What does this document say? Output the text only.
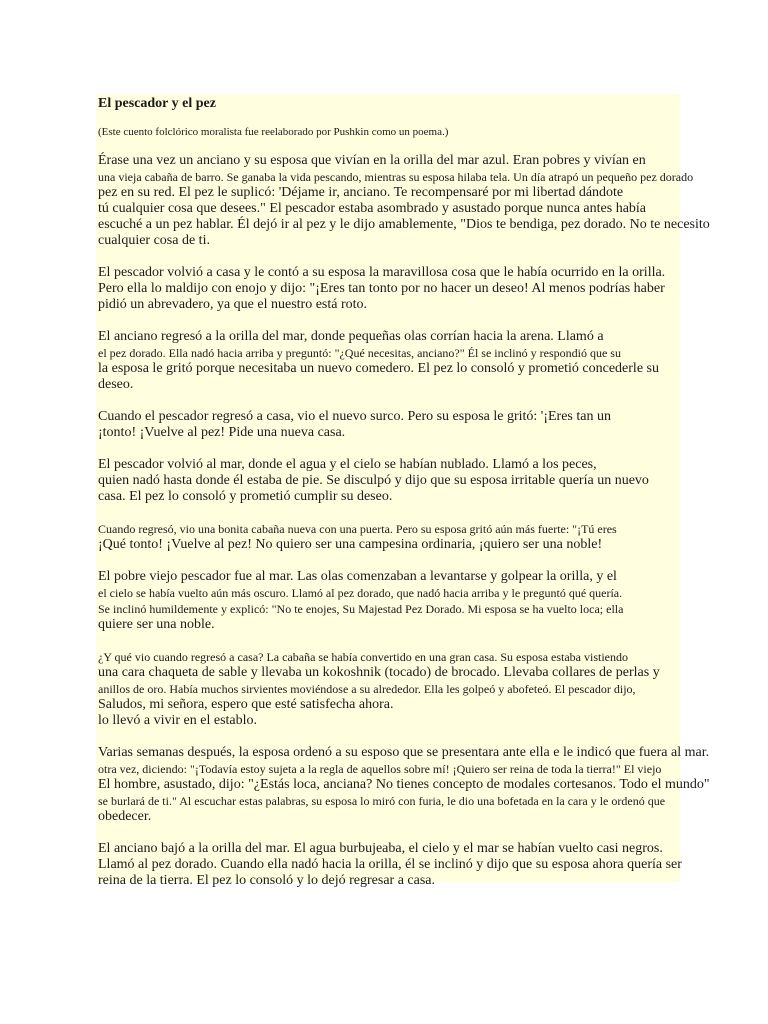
El pescador y el pez
(Este cuento folclórico moralista fue reelaborado por Pushkin como un poema.)
Érase una vez un anciano y su esposa que vivían en la orilla del mar azul. Eran pobres y vivían en
una vieja cabaña de barro. Se ganaba la vida pescando, mientras su esposa hilaba tela. Un día atrapó un pequeño pez dorado
pez en su red. El pez le suplicó: 'Déjame ir, anciano. Te recompensaré por mi libertad dándote
tú cualquier cosa que desees." El pescador estaba asombrado y asustado porque nunca antes había
escuché a un pez hablar. Él dejó ir al pez y le dijo amablemente, "Dios te bendiga, pez dorado. No te necesito
cualquier cosa de ti.
El pescador volvió a casa y le contó a su esposa la maravillosa cosa que le había ocurrido en la orilla.
Pero ella lo maldijo con enojo y dijo: "¡Eres tan tonto por no hacer un deseo! Al menos podrías haber
pidió un abrevadero, ya que el nuestro está roto.
El anciano regresó a la orilla del mar, donde pequeñas olas corrían hacia la arena. Llamó a
el pez dorado. Ella nadó hacia arriba y preguntó: "¿Qué necesitas, anciano?" Él se inclinó y respondió que su
la esposa le gritó porque necesitaba un nuevo comedero. El pez lo consoló y prometió concederle su
deseo.
Cuando el pescador regresó a casa, vio el nuevo surco. Pero su esposa le gritó: '¡Eres tan un
¡tonto! ¡Vuelve al pez! Pide una nueva casa.
El pescador volvió al mar, donde el agua y el cielo se habían nublado. Llamó a los peces,
quien nadó hasta donde él estaba de pie. Se disculpó y dijo que su esposa irritable quería un nuevo
casa. El pez lo consoló y prometió cumplir su deseo.
Cuando regresó, vio una bonita cabaña nueva con una puerta. Pero su esposa gritó aún más fuerte: "¡Tú eres
¡Qué tonto! ¡Vuelve al pez! No quiero ser una campesina ordinaria, ¡quiero ser una noble!
El pobre viejo pescador fue al mar. Las olas comenzaban a levantarse y golpear la orilla, y el
el cielo se había vuelto aún más oscuro. Llamó al pez dorado, que nadó hacia arriba y le preguntó qué quería.
Se inclinó humildemente y explicó: "No te enojes, Su Majestad Pez Dorado. Mi esposa se ha vuelto loca; ella
quiere ser una noble.
¿Y qué vio cuando regresó a casa? La cabaña se había convertido en una gran casa. Su esposa estaba vistiendo
una cara chaqueta de sable y llevaba un kokoshnik (tocado) de brocado. Llevaba collares de perlas y
anillos de oro. Había muchos sirvientes moviéndose a su alrededor. Ella les golpeó y abofeteó. El pescador dijo,
Saludos, mi señora, espero que esté satisfecha ahora.
lo llevó a vivir en el establo.
Varias semanas después, la esposa ordenó a su esposo que se presentara ante ella e le indicó que fuera al mar.
otra vez, diciendo: "¡Todavía estoy sujeta a la regla de aquellos sobre mí! ¡Quiero ser reina de toda la tierra!" El viejo
El hombre, asustado, dijo: "¿Estás loca, anciana? No tienes concepto de modales cortesanos. Todo el mundo"
se burlará de ti." Al escuchar estas palabras, su esposa lo miró con furia, le dio una bofetada en la cara y le ordenó que
obedecer.
El anciano bajó a la orilla del mar. El agua burbujeaba, el cielo y el mar se habían vuelto casi negros.
Llamó al pez dorado. Cuando ella nadó hacia la orilla, él se inclinó y dijo que su esposa ahora quería ser
reina de la tierra. El pez lo consoló y lo dejó regresar a casa.
